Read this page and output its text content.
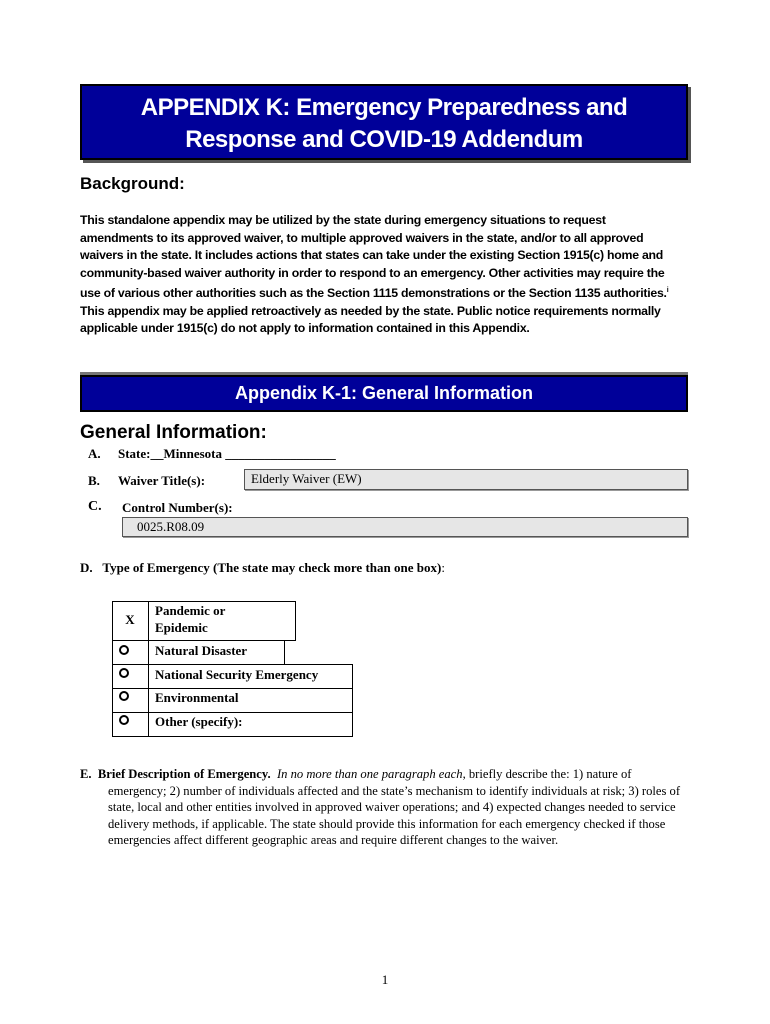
APPENDIX K: Emergency Preparedness and
Response and COVID-19 Addendum
Background:
This standalone appendix may be utilized by the state during emergency situations to request amendments to its approved waiver, to multiple approved waivers in the state, and/or to all approved waivers in the state. It includes actions that states can take under the existing Section 1915(c) home and community-based waiver authority in order to respond to an emergency. Other activities may require the use of various other authorities such as the Section 1115 demonstrations or the Section 1135 authorities.$^i$ This appendix may be applied retroactively as needed by the state. Public notice requirements normally applicable under 1915(c) do not apply to information contained in this Appendix.
Appendix K-1: General Information
General Information:
A. State:__Minnesota _________________
B. Waiver Title(s):	Elderly Waiver (EW)
C. Control Number(s):
0025.R08.09
D. Type of Emergency (The state may check more than one box):
X
Pandemic or
Epidemic
Natural Disaster
National Security Emergency
Environmental
Other (specify):
E. Brief Description of Emergency. In no more than one paragraph each, briefly describe the: 1) nature of emergency; 2) number of individuals affected and the state’s mechanism to identify individuals at risk; 3) roles of state, local and other entities involved in approved waiver operations; and 4) expected changes needed to service delivery methods, if applicable. The state should provide this information for each emergency checked if those emergencies affect different geographic areas and require different changes to the waiver.
1
